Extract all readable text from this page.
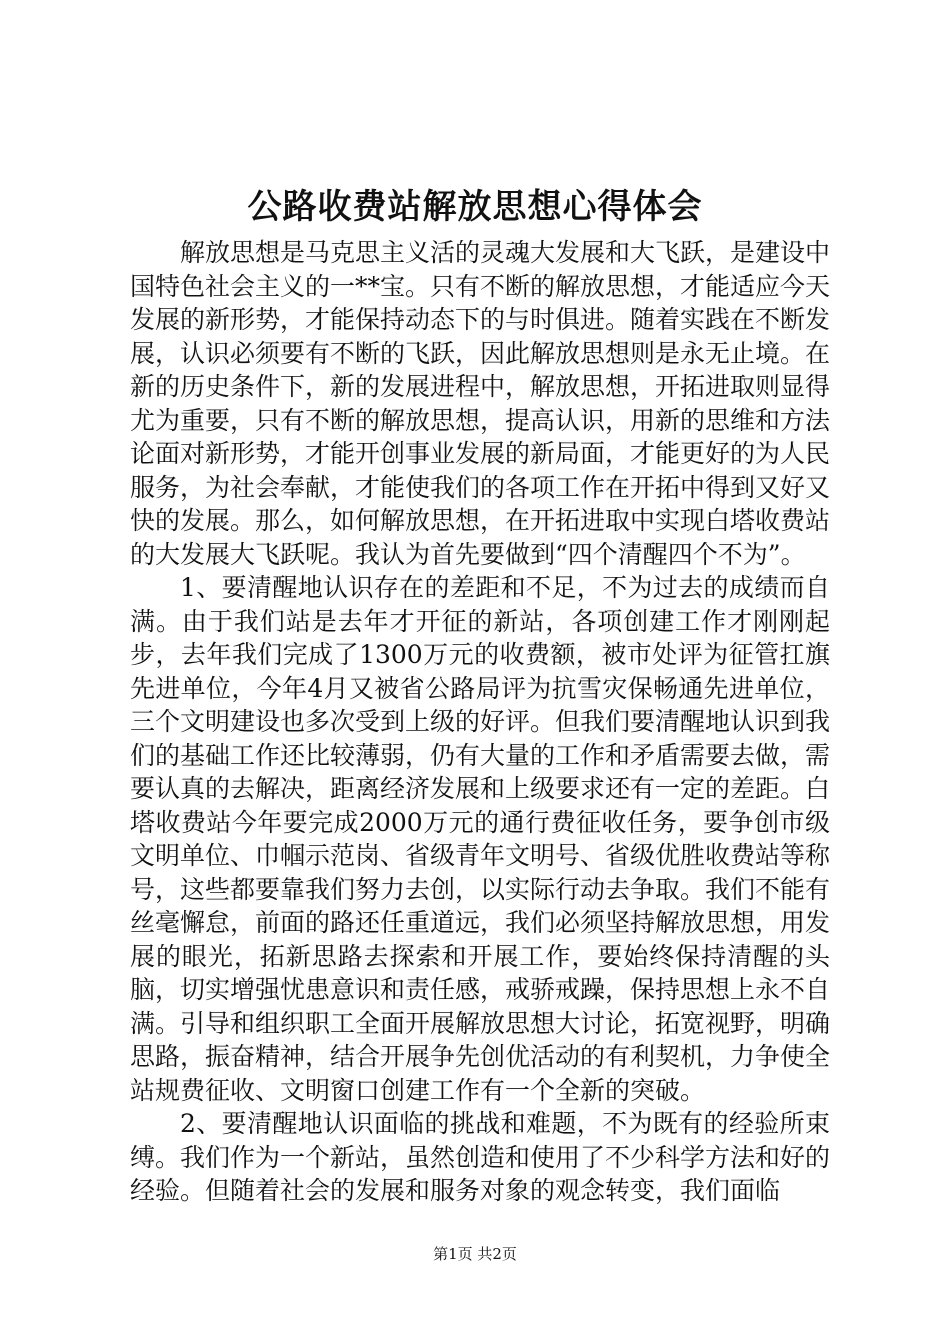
公路收费站解放思想心得体会

解放思想是马克思主义活的灵魂大发展和大飞跃，是建设中国特色社会主义的一**宝。只有不断的解放思想，才能适应今天发展的新形势，才能保持动态下的与时俱进。随着实践在不断发展，认识必须要有不断的飞跃，因此解放思想则是永无止境。在新的历史条件下，新的发展进程中，解放思想，开拓进取则显得尤为重要，只有不断的解放思想，提高认识，用新的思维和方法论面对新形势，才能开创事业发展的新局面，才能更好的为人民服务，为社会奉献，才能使我们的各项工作在开拓中得到又好又快的发展。那么，如何解放思想，在开拓进取中实现白塔收费站的大发展大飞跃呢。我认为首先要做到“四个清醒四个不为”。

1、要清醒地认识存在的差距和不足，不为过去的成绩而自满。由于我们站是去年才开征的新站，各项创建工作才刚刚起步，去年我们完成了1300万元的收费额，被市处评为征管扛旗先进单位，今年4月又被省公路局评为抗雪灾保畅通先进单位，三个文明建设也多次受到上级的好评。但我们要清醒地认识到我们的基础工作还比较薄弱，仍有大量的工作和矛盾需要去做，需要认真的去解决，距离经济发展和上级要求还有一定的差距。白塔收费站今年要完成2000万元的通行费征收任务，要争创市级文明单位、巾帼示范岗、省级青年文明号、省级优胜收费站等称号，这些都要靠我们努力去创，以实际行动去争取。我们不能有丝毫懈怠，前面的路还任重道远，我们必须坚持解放思想，用发展的眼光，拓新思路去探索和开展工作，要始终保持清醒的头脑，切实增强忧患意识和责任感，戒骄戒躁，保持思想上永不自满。引导和组织职工全面开展解放思想大讨论，拓宽视野，明确思路，振奋精神，结合开展争先创优活动的有利契机，力争使全站规费征收、文明窗口创建工作有一个全新的突破。

2、要清醒地认识面临的挑战和难题，不为既有的经验所束缚。我们作为一个新站，虽然创造和使用了不少科学方法和好的经验。但随着社会的发展和服务对象的观念转变，我们面临

第1页 共2页
